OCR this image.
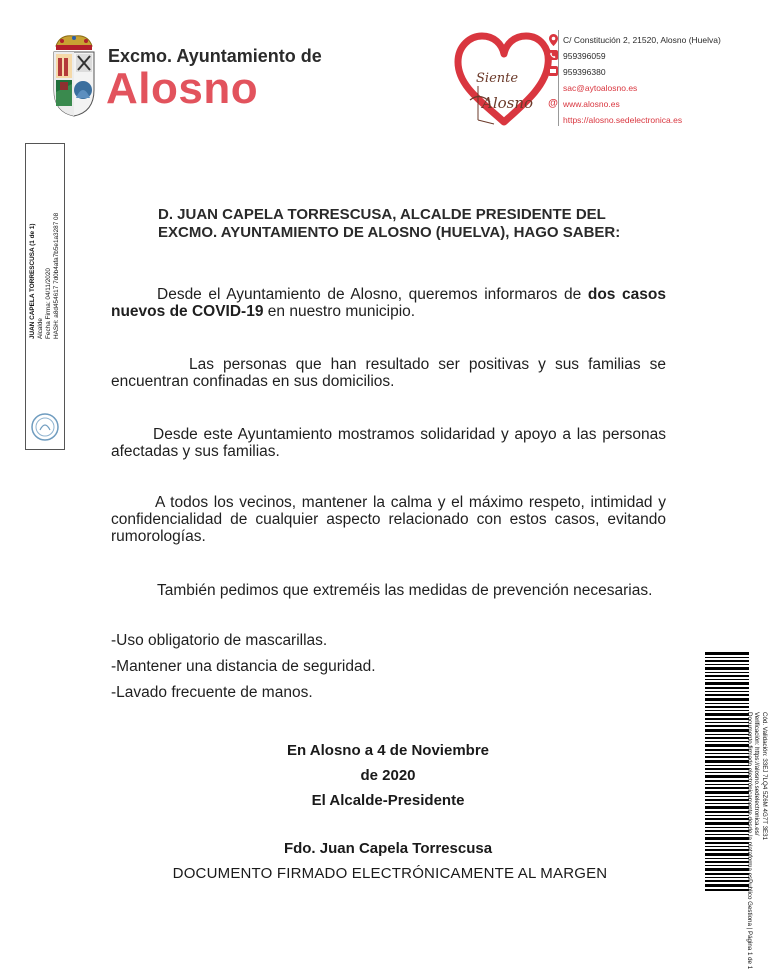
Excmo. Ayuntamiento de
Alosno	Siente
Alosno
C/ Constitución 2, 21520, Alosno (Huelva)
959396059
959396380
sac@aytoalosno.es
@ www.alosno.es
https://alosno.sedelectronica.es
JUAN CAPELA TORRESCUSA (1 de 1) Alcalde Fecha Firma: 04/11/2020 HASH: a8d454617 7d0b4afa7b5e1a3287 08
Cód. Validación: 33EJ 7LQ4 5Z6M 4G7T 3E31
Verificación: https://alosno.sedelectronica.es/
Documento firmado electrónicamente desde la plataforma esPublico Gestiona | Página 1 de 1
D. JUAN CAPELA TORRESCUSA, ALCALDE PRESIDENTE DEL EXCMO. AYUNTAMIENTO DE ALOSNO (HUELVA), HAGO SABER:
Desde el Ayuntamiento de Alosno, queremos informaros de dos casos nuevos de COVID-19 en nuestro municipio.
Las personas que han resultado ser positivas y sus familias se encuentran confinadas en sus domicilios.
Desde este Ayuntamiento mostramos solidaridad y apoyo a las personas afectadas y sus familias.
A todos los vecinos, mantener la calma y el máximo respeto, intimidad y confidencialidad de cualquier aspecto relacionado con estos casos, evitando rumorologías.
También pedimos que extreméis las medidas de prevención necesarias.
-Uso obligatorio de mascarillas.
-Mantener una distancia de seguridad.
-Lavado frecuente de manos.
En Alosno a 4 de Noviembre
de 2020
El Alcalde-Presidente
Fdo. Juan Capela Torrescusa
DOCUMENTO FIRMADO ELECTRÓNICAMENTE AL MARGEN
